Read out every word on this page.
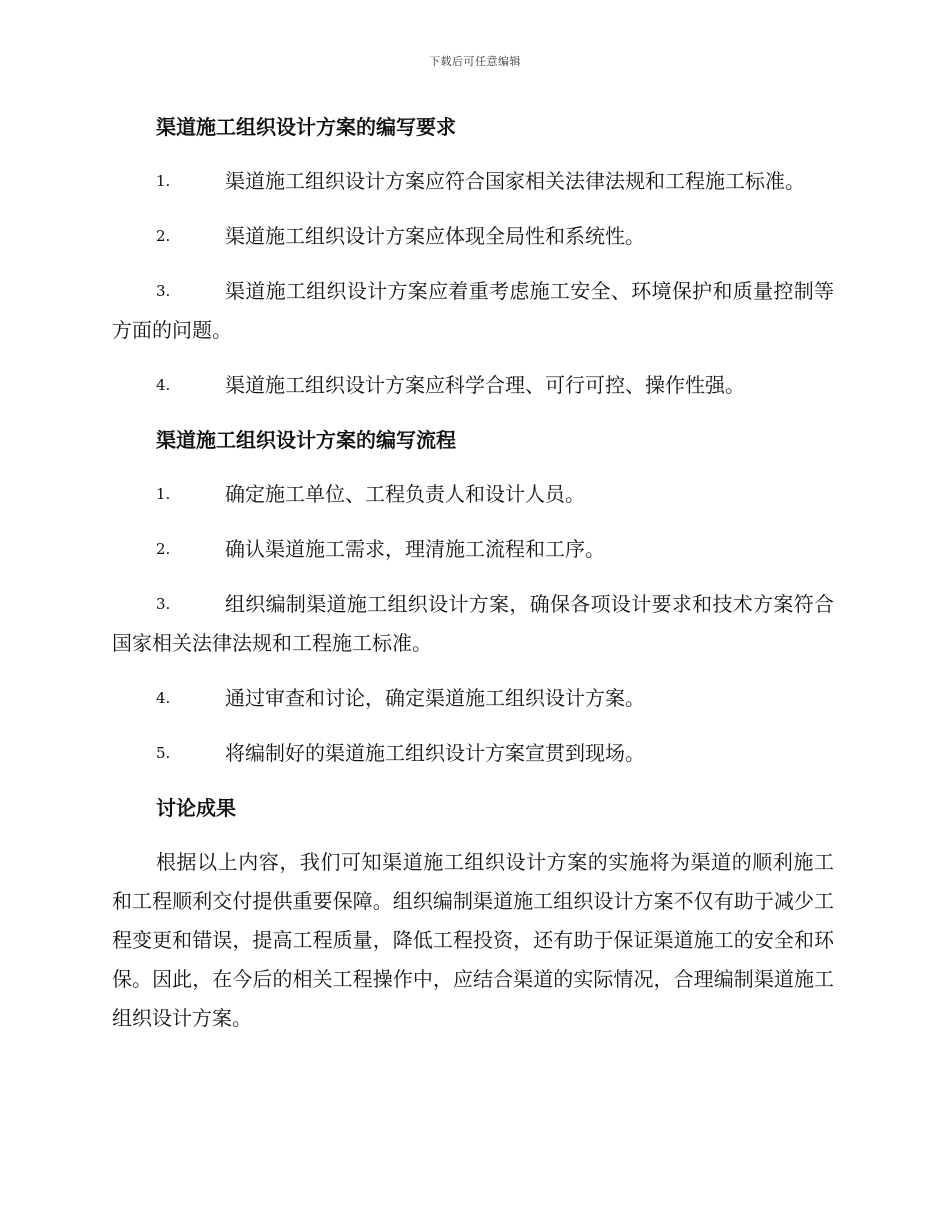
下载后可任意编辑
渠道施工组织设计方案的编写要求
1.	渠道施工组织设计方案应符合国家相关法律法规和工程施工标准。
2.	渠道施工组织设计方案应体现全局性和系统性。
3.	渠道施工组织设计方案应着重考虑施工安全、环境保护和质量控制等方面的问题。
4.	渠道施工组织设计方案应科学合理、可行可控、操作性强。
渠道施工组织设计方案的编写流程
1.	确定施工单位、工程负责人和设计人员。
2.	确认渠道施工需求，理清施工流程和工序。
3.	组织编制渠道施工组织设计方案，确保各项设计要求和技术方案符合国家相关法律法规和工程施工标准。
4.	通过审查和讨论，确定渠道施工组织设计方案。
5.	将编制好的渠道施工组织设计方案宣贯到现场。
讨论成果

根据以上内容，我们可知渠道施工组织设计方案的实施将为渠道的顺利施工和工程顺利交付提供重要保障。组织编制渠道施工组织设计方案不仅有助于减少工程变更和错误，提高工程质量，降低工程投资，还有助于保证渠道施工的安全和环保。因此，在今后的相关工程操作中，应结合渠道的实际情况，合理编制渠道施工组织设计方案。
